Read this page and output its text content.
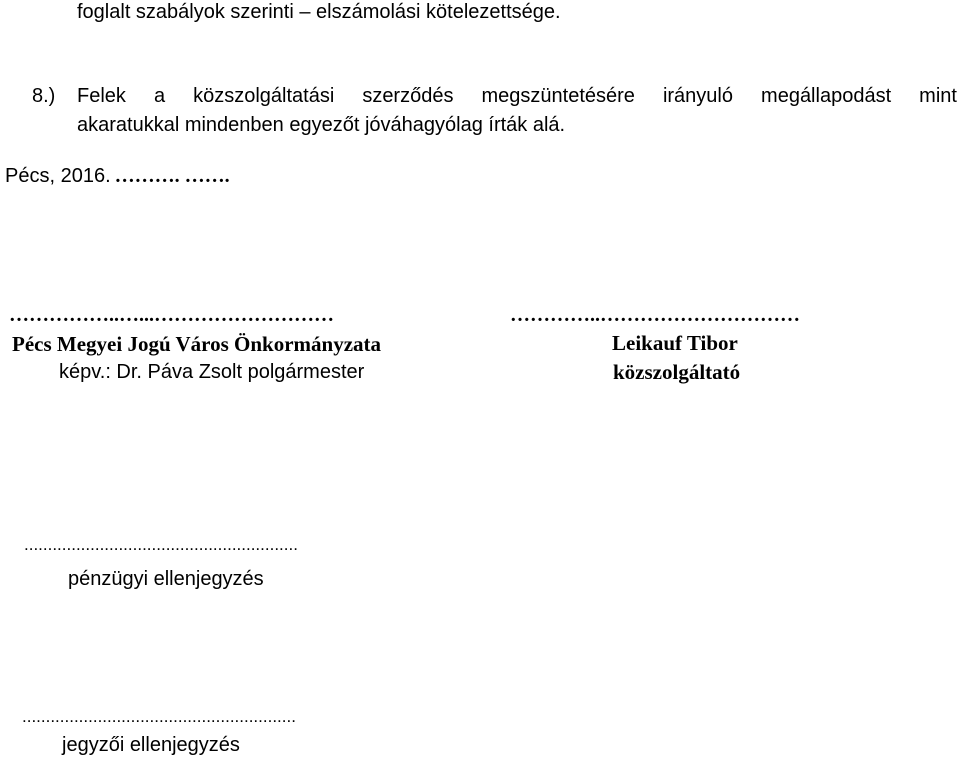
foglalt szabályok szerinti – elszámolási kötelezettsége.
8.) Felek a közszolgáltatási szerződés megszüntetésére irányuló megállapodást mint
akaratukkal mindenben egyezőt jóváhagyólag írták alá.
Pécs, 2016. ………. …….
……………..…...………………………
Pécs Megyei Jogú Város Önkormányzata
képv.: Dr. Páva Zsolt polgármester
…………..…………………………
Leikauf Tibor
közszolgáltató
..........................................................
pénzügyi ellenjegyzés
..........................................................
jegyzői ellenjegyzés
